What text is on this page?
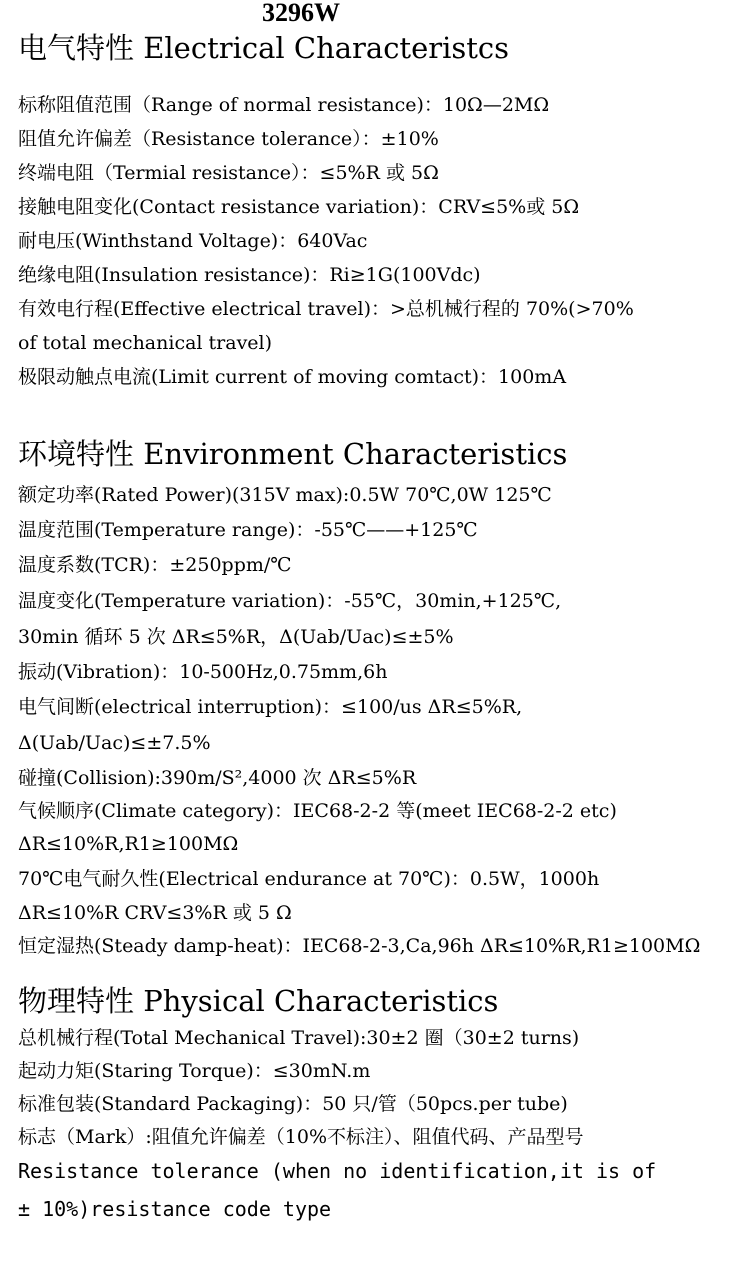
3296W
电气特性 Electrical Characteristcs
标称阻值范围（Range of normal resistance)：10Ω—2MΩ
阻值允许偏差（Resistance tolerance）：±10%
终端电阻（Termial resistance）：≤5%R 或 5Ω
接触电阻变化(Contact resistance variation)：CRV≤5%或 5Ω
耐电压(Winthstand Voltage)：640Vac
绝缘电阻(Insulation resistance)：Ri≥1G(100Vdc)
有效电行程(Effective electrical travel)：>总机械行程的 70%(>70%
of total mechanical travel)
极限动触点电流(Limit current of moving comtact)：100mA
环境特性 Environment Characteristics
额定功率(Rated Power)(315V max):0.5W 70℃,0W 125℃
温度范围(Temperature range)：-55℃——+125℃
温度系数(TCR)：±250ppm/℃
温度变化(Temperature variation)：-55℃，30min,+125℃,
30min 循环 5 次 ΔR≤5%R，Δ(Uab/Uac)≤±5%
振动(Vibration)：10-500Hz,0.75mm,6h
电气间断(electrical interruption)：≤100/us ΔR≤5%R,
Δ(Uab/Uac)≤±7.5%
碰撞(Collision):390m/S²,4000 次 ΔR≤5%R
气候顺序(Climate category)：IEC68-2-2 等(meet IEC68-2-2 etc)
ΔR≤10%R,R1≥100MΩ
70℃电气耐久性(Electrical endurance at 70℃)：0.5W，1000h
ΔR≤10%R CRV≤3%R 或 5 Ω
恒定湿热(Steady damp-heat)：IEC68-2-3,Ca,96h ΔR≤10%R,R1≥100MΩ
物理特性 Physical Characteristics
总机械行程(Total Mechanical Travel):30±2 圈（30±2 turns)
起动力矩(Staring Torque)：≤30mN.m
标准包装(Standard Packaging)：50 只/管（50pcs.per tube)
标志（Mark）:阻值允许偏差（10%不标注）、阻值代码、产品型号
Resistance tolerance (when no identification,it is of
± 10%)resistance code type
